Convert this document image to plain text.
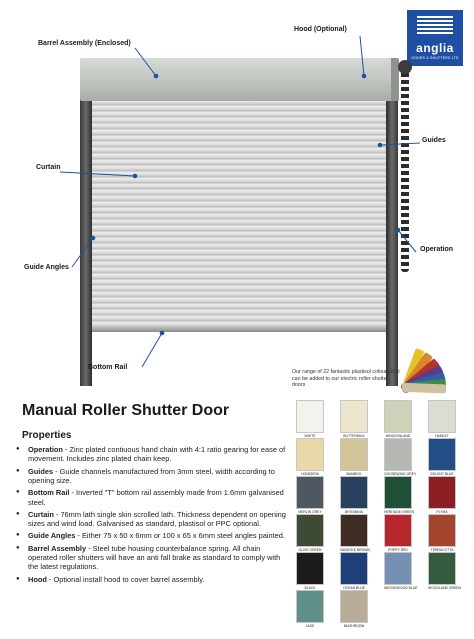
anglia
DOORS & SHUTTERS LTD
Barrel Assembly (Enclosed)
Hood (Optional)
Guides
Curtain
Operation
Guide Angles
Bottom Rail
Our range of 22 fantastic plastisol colours that can be added to our electric roller shutter doors
WHITE	BUTTERMILK	MEADOWLAND	HAMLET
HONEDEW	BAMBOO	GOOSEWING GREY	SOLENT BLUE
MERLIN GREY	BRITANNIA	HERITAGE GREEN	PLYMA
OLIVE GREEN	VANDYKE BROWN	POPPY RED	TERRACOTTA
BLACK	OCEAN BLUE	WEDGEWOOD BLUE	WOODLAND GREEN
JADE	MUSHROOM
Manual Roller Shutter Door
Properties
● Operation - Zinc plated contiuous hand chain with 4:1 ratio gearing for ease of movement. Includes zinc plated chain keep.
● Guides - Guide channels manufactured from 3mm steel, width according to opening size.
● Bottom Rail - Inverted "T" bottom rail assembly made from 1.6mm galvanised steel.
● Curtain - 76mm lath single skin scrolled lath. Thickness dependent on opening sizes and wind load. Galvanised as standard, plastisol or PPC optional.
● Guide Angles - Either 75 x 50 x 6mm or 100 x 65 x 6mm steel angles painted.
● Barrel Assembly - Steel tube housing counterbalance spring. All chain operated roller shutters will have an anti fall brake as standard to comply with the latest regulations.
● Hood - Optional install hood to cover barrel assembly.
